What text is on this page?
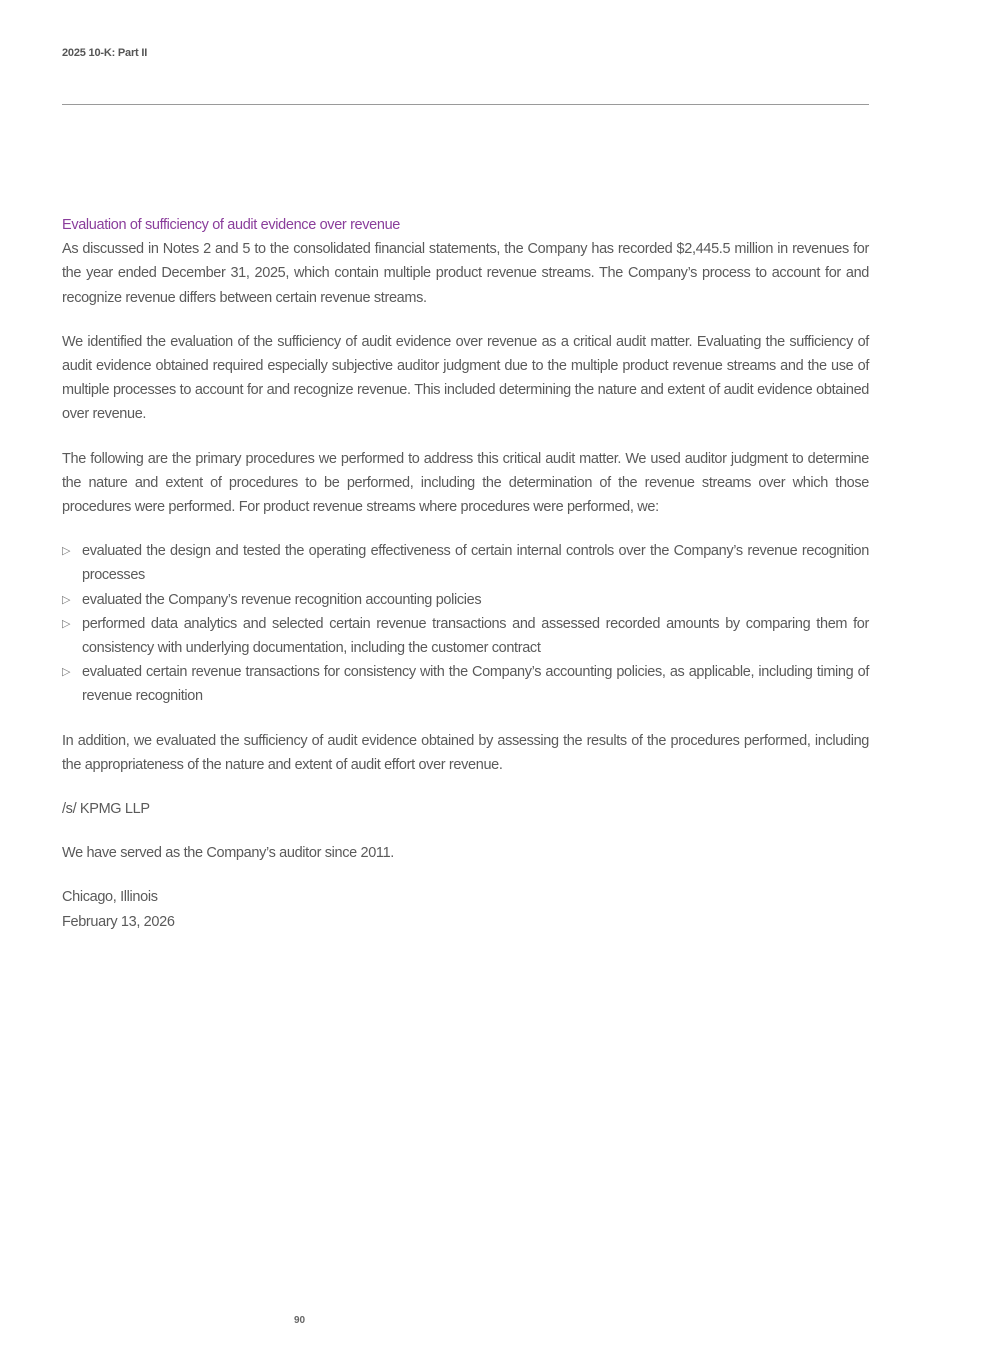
2025 10-K: Part II

Evaluation of sufficiency of audit evidence over revenue

As discussed in Notes 2 and 5 to the consolidated financial statements, the Company has recorded $2,445.5 million in revenues for the year ended December 31, 2025, which contain multiple product revenue streams. The Company’s process to account for and recognize revenue differs between certain revenue streams.

We identified the evaluation of the sufficiency of audit evidence over revenue as a critical audit matter. Evaluating the sufficiency of audit evidence obtained required especially subjective auditor judgment due to the multiple product revenue streams and the use of multiple processes to account for and recognize revenue. This included determining the nature and extent of audit evidence obtained over revenue.

The following are the primary procedures we performed to address this critical audit matter. We used auditor judgment to determine the nature and extent of procedures to be performed, including the determination of the revenue streams over which those procedures were performed. For product revenue streams where procedures were performed, we:

▷ evaluated the design and tested the operating effectiveness of certain internal controls over the Company’s revenue recognition processes
▷ evaluated the Company’s revenue recognition accounting policies
▷ performed data analytics and selected certain revenue transactions and assessed recorded amounts by comparing them for consistency with underlying documentation, including the customer contract
▷ evaluated certain revenue transactions for consistency with the Company’s accounting policies, as applicable, including timing of revenue recognition

In addition, we evaluated the sufficiency of audit evidence obtained by assessing the results of the procedures performed, including the appropriateness of the nature and extent of audit effort over revenue.

/s/ KPMG LLP

We have served as the Company’s auditor since 2011.

Chicago, Illinois

February 13, 2026

90
